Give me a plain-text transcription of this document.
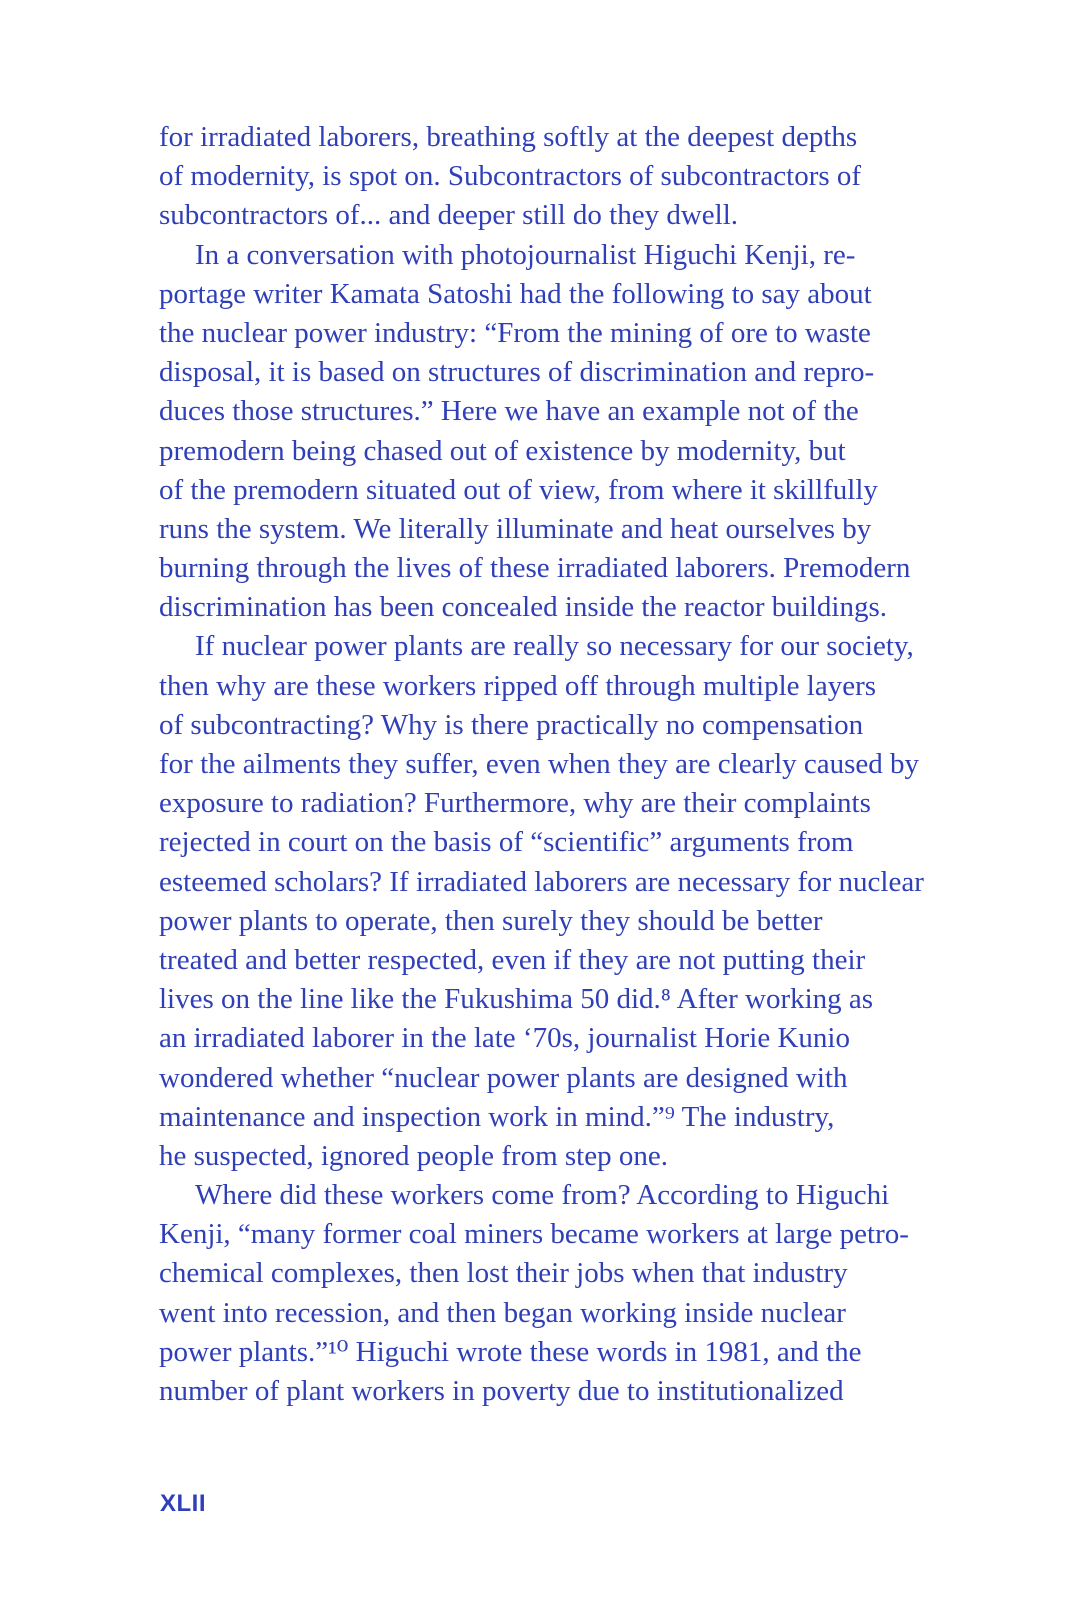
for irradiated laborers, breathing softly at the deepest depths
of modernity, is spot on. Subcontractors of subcontractors of
subcontractors of... and deeper still do they dwell.
In a conversation with photojournalist Higuchi Kenji, re-
portage writer Kamata Satoshi had the following to say about
the nuclear power industry: “From the mining of ore to waste
disposal, it is based on structures of discrimination and repro-
duces those structures.” Here we have an example not of the
premodern being chased out of existence by modernity, but
of the premodern situated out of view, from where it skillfully
runs the system. We literally illuminate and heat ourselves by
burning through the lives of these irradiated laborers. Premodern
discrimination has been concealed inside the reactor buildings.
If nuclear power plants are really so necessary for our society,
then why are these workers ripped off through multiple layers
of subcontracting? Why is there practically no compensation
for the ailments they suffer, even when they are clearly caused by
exposure to radiation? Furthermore, why are their complaints
rejected in court on the basis of “scientific” arguments from
esteemed scholars? If irradiated laborers are necessary for nuclear
power plants to operate, then surely they should be better
treated and better respected, even if they are not putting their
lives on the line like the Fukushima 50 did.⁸ After working as
an irradiated laborer in the late ‘70s, journalist Horie Kunio
wondered whether “nuclear power plants are designed with
maintenance and inspection work in mind.”⁹ The industry,
he suspected, ignored people from step one.
Where did these workers come from? According to Higuchi
Kenji, “many former coal miners became workers at large petro-
chemical complexes, then lost their jobs when that industry
went into recession, and then began working inside nuclear
power plants.”¹⁰ Higuchi wrote these words in 1981, and the
number of plant workers in poverty due to institutionalized
XLII
